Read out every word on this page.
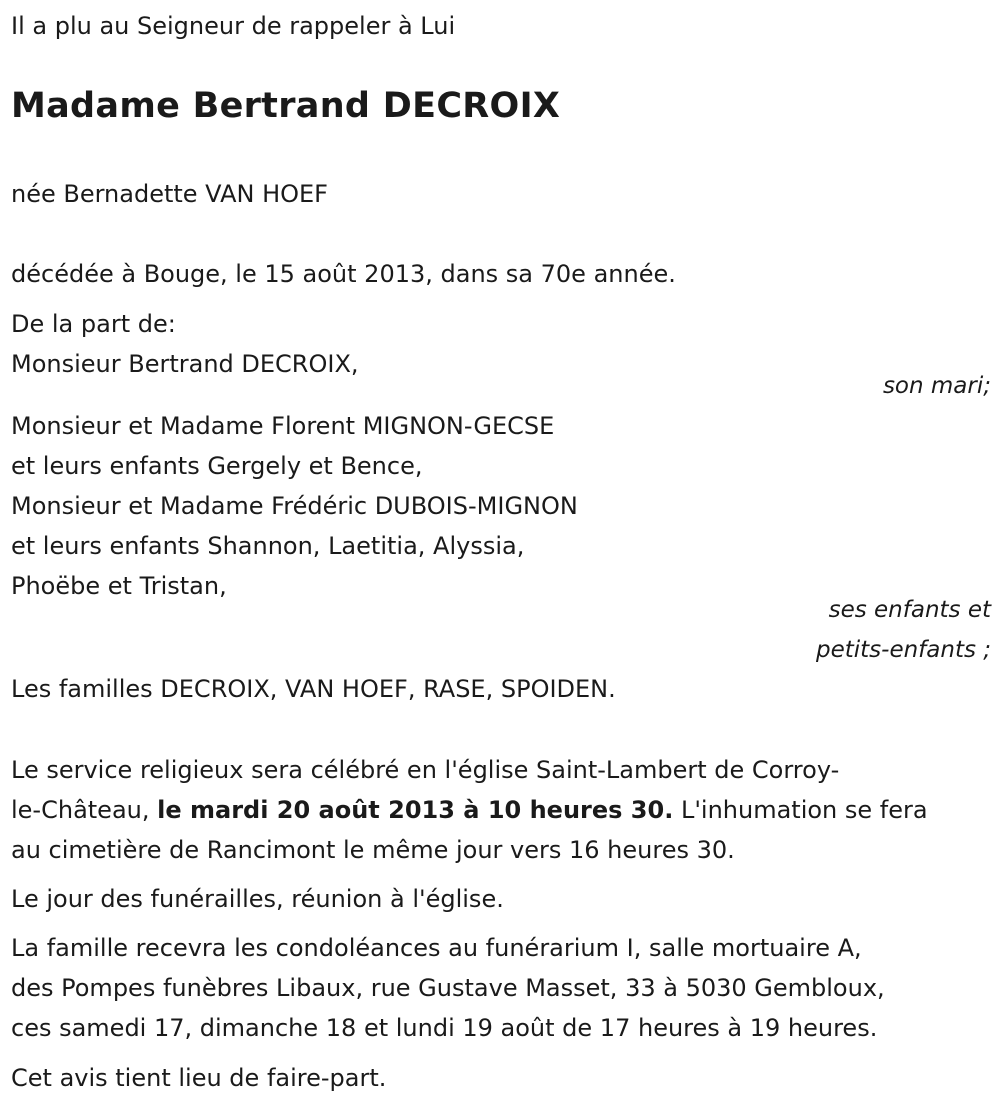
Il a plu au Seigneur de rappeler à Lui

Madame Bertrand DECROIX

née Bernadette VAN HOEF

décédée à Bouge, le 15 août 2013, dans sa 70e année.

De la part de:

Monsieur Bertrand DECROIX,

son mari;

Monsieur et Madame Florent MIGNON-GECSE

et leurs enfants Gergely et Bence,

Monsieur et Madame Frédéric DUBOIS-MIGNON

et leurs enfants Shannon, Laetitia, Alyssia,

Phoëbe et Tristan,

ses enfants et
petits-enfants ;

Les familles DECROIX, VAN HOEF, RASE, SPOIDEN.

Le service religieux sera célébré en l'église Saint-Lambert de Corroy-

le-Château, le mardi 20 août 2013 à 10 heures 30. L'inhumation se fera

au cimetière de Rancimont le même jour vers 16 heures 30.

Le jour des funérailles, réunion à l'église.

La famille recevra les condoléances au funérarium I, salle mortuaire A,

des Pompes funèbres Libaux, rue Gustave Masset, 33 à 5030 Gembloux,

ces samedi 17, dimanche 18 et lundi 19 août de 17 heures à 19 heures.

Cet avis tient lieu de faire-part.
